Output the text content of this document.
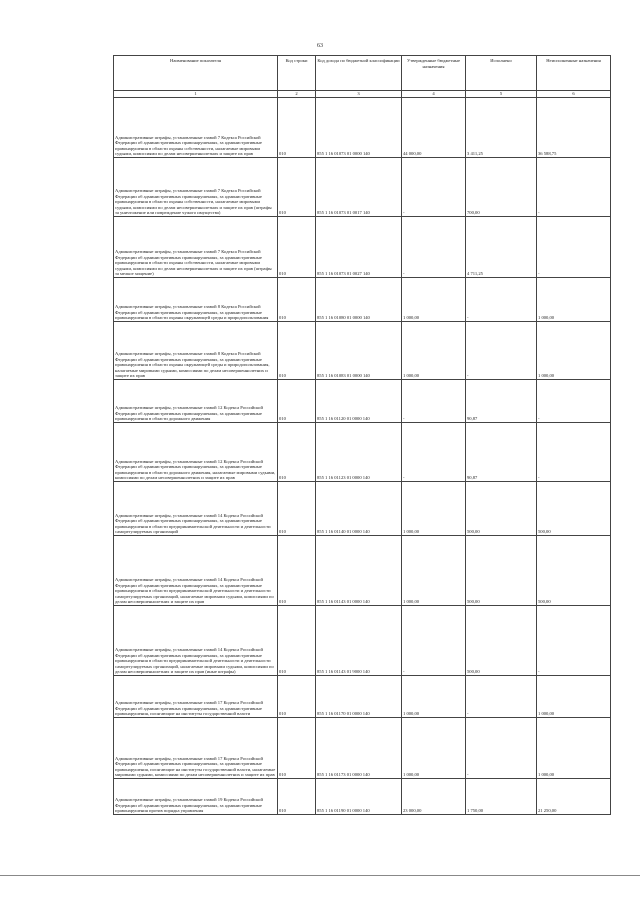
63
Наименование показателя	Код строки	Код дохода по бюджетной классификации	Утвержденные бюджетные назначения	Исполнено	Неисполненные назначения
1	2	3	4	5	6
Административные штрафы, установленные главой 7 Кодекса Российской Федерации об административных правонарушениях, за административные правонарушения в области охраны собственности, налагаемые мировыми судьями, комиссиями по делам несовершеннолетних и защите их прав	010	855 1 16 01073 01 0000 140	44 000,00	3 411,25	36 588,75
Административные штрафы, установленные главой 7 Кодекса Российской Федерации об административных правонарушениях, за административные правонарушения в области охраны собственности, налагаемые мировыми судьями, комиссиями по делам несовершеннолетних и защите их прав (штрафы за уничтожение или повреждение чужого имущества)	010	855 1 16 01073 01 0017 140	-	700,00	-
Административные штрафы, установленные главой 7 Кодекса Российской Федерации об административных правонарушениях, за административные правонарушения в области охраны собственности, налагаемые мировыми судьями, комиссиями по делам несовершеннолетних и защите их прав (штрафы за мелкое хищение)	010	855 1 16 01073 01 0027 140	-	4 711,25	-
Административные штрафы, установленные главой 8 Кодекса Российской Федерации об административных правонарушениях, за административные правонарушения в области охраны окружающей среды и природопользования	010	855 1 16 01080 01 0000 140	1 000,00	-	1 000,00
Административные штрафы, установленные главой 8 Кодекса Российской Федерации об административных правонарушениях, за административные правонарушения в области охраны окружающей среды и природопользования, налагаемые мировыми судьями, комиссиями по делам несовершеннолетних и защите их прав	010	855 1 16 01083 01 0000 140	1 000,00	-	1 000,00
Административные штрафы, установленные главой 12 Кодекса Российской Федерации об административных правонарушениях, за административные правонарушения в области дорожного движения	010	855 1 16 01120 01 0000 140	-	90,87	-
Административные штрафы, установленные главой 12 Кодекса Российской Федерации об административных правонарушениях, за административные правонарушения в области дорожного движения, налагаемые мировыми судьями, комиссиями по делам несовершеннолетних и защите их прав	010	855 1 16 01123 01 0000 140	-	90,87	-
Административные штрафы, установленные главой 14 Кодекса Российской Федерации об административных правонарушениях, за административные правонарушения в области предпринимательской деятельности и деятельности саморегулируемых организаций	010	855 1 16 01140 01 0000 140	1 000,00	500,00	500,00
Административные штрафы, установленные главой 14 Кодекса Российской Федерации об административных правонарушениях, за административные правонарушения в области предпринимательской деятельности и деятельности саморегулируемых организаций, налагаемые мировыми судьями, комиссиями по делам несовершеннолетних и защите их прав	010	855 1 16 01143 01 0000 140	1 000,00	500,00	500,00
Административные штрафы, установленные главой 14 Кодекса Российской Федерации об административных правонарушениях, за административные правонарушения в области предпринимательской деятельности и деятельности саморегулируемых организаций, налагаемые мировыми судьями, комиссиями по делам несовершеннолетних и защите их прав (иные штрафы)	010	855 1 16 01143 01 9000 140	-	500,00	-
Административные штрафы, установленные главой 17 Кодекса Российской Федерации об административных правонарушениях, за административные правонарушения, посягающие на институты государственной власти	010	855 1 16 01170 01 0000 140	1 000,00	-	1 000,00
Административные штрафы, установленные главой 17 Кодекса Российской Федерации об административных правонарушениях, за административные правонарушения, посягающие на институты государственной власти, налагаемые мировыми судьями, комиссиями по делам несовершеннолетних и защите их прав	010	855 1 16 01173 01 0000 140	1 000,00	-	1 000,00
Административные штрафы, установленные главой 19 Кодекса Российской Федерации об административных правонарушениях, за административные правонарушения против порядка управления	010	855 1 16 01190 01 0000 140	23 000,00	1 750,00	21 250,00
